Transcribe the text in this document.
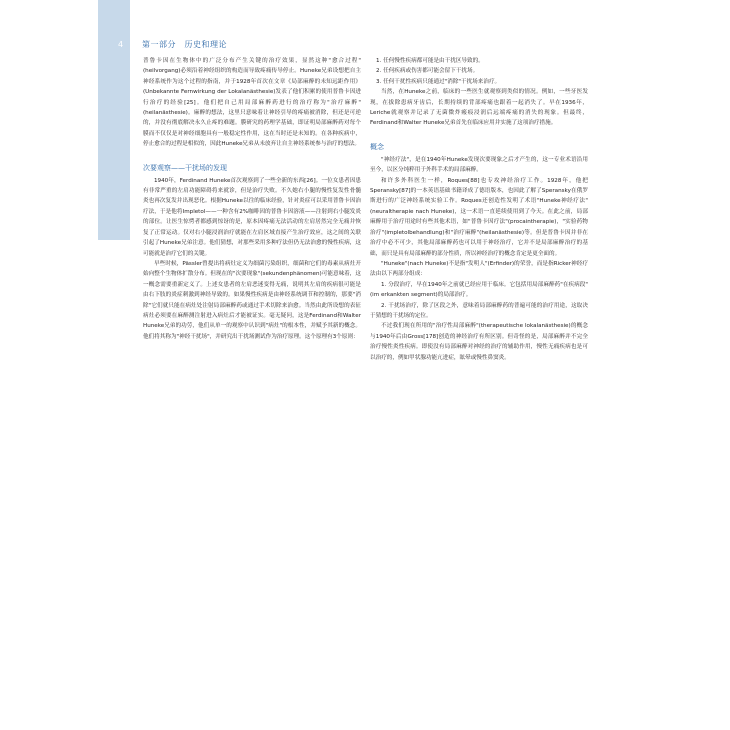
4 第一部分　历史和理论

普鲁卡因在生物体中的广泛分布产生关键的治疗效果，显然这种"愈合过程"(heilvorgang)必须沿着神经组织的构造而导致疼痛传导停止。Huneke兄弟设想把自主神经系统作为这个过程的指南，并于1928年首次在文章《局部麻醉的未知远距作用》(Unbekannte Fernwirkung der Lokalanästhesie)发表了他们积累的使用普鲁卡因进行治疗的经验[25]。他们把自己用局部麻醉药进行的治疗称为"治疗麻醉"(heilanästhesie)。麻醉的想法，这里只意味着让神经引导的疼痛被消除，但还是可逆的，并没有彻底解决永久止疼的难题。膜研究的药理学基础，即证明局部麻醉药对每个膜而不仅仅是对神经细胞具有一般稳定性作用，这在当时还是未知的。在各种疾病中，停止愈合的过程是相似的，因此Huneke兄弟从未放弃让自主神经系统参与治疗的想法。

次要观察——干扰场的发现

1940年，Ferdinand Huneke首次观察到了一些全新的东西[26]。一位女患者因患有非常严重的左肩功能障碍将来就诊，但是治疗失败。不久她右小腿的慢性复发性骨髓炎也再次复发并出现恶化。根据Huneke以往的临床经验，针对炎症可以采用普鲁卡因治疗法，于是他将Impletol——一种含有2%咖啡因的普鲁卡因溶液——注射到右小腿发炎的部位。让医生惊愕者都感到惊讶的是，原本因疼痛无法活动的左肩居然完全无痛并恢复了正常运动。仅对右小腿浸润治疗就能在左肩区域直接产生治疗效应，这之间的关联引起了Huneke兄弟注意。他们猜想，对那些采用多种疗法但仍无法治愈的慢性疾病，这可能就是治疗它们的关键。

早些时候，Pässler曾提出将病灶定义为细菌污染组织，细菌和它们的毒素从病灶开始向整个生物体扩散分布。但现在的"次要现象"(sekundenphänomen)可能意味着，这一概念需要重新定义了。上述女患者的左肩恶迷变得无痛，说明其左肩的疾病很可能是由右下肢的炎症刺激到神经导致的。如果慢性疾病是由神经系统调节和控制的，那要"消除"它们就只能在病灶处注射局部麻醉药或通过手术切除来治愈。当然由此所设想的表征病灶必须要在麻醉测注射进入病灶后才能被证实。毫无疑问，这是Ferdinand和Walter Huneke兄弟的功劳，他们从单一的观察中认识到"病灶"的根本性，并赋予其新的概念。他们将其称为"神经干扰场"，并研究出干扰场测试作为治疗原理。这个原理有3个原则：

1. 任何慢性疾病都可能是由干扰区导致的。
2. 任何疾病或伤害都可能会留下干扰场。
3. 任何干扰性疾病只能通过"消除"干扰场来治疗。

当然，在Huneke之前，临床的一些医生就观察到类似的情况。例如，一些牙医发现，在拔除患病牙齿后，长期持续的背部疼痛也跟着一起消失了。早在1936年，Leriche就观察并记录了无菌微炸瘢痕浸润后远端疼痛的消失的现象。但最终，Ferdinand和Walter Huneke兄弟首先在临床应用并实施了这项治疗措施。

概念

"神经疗法"，是在1940年Huneke发现次要现象之后才产生的，这一专业术语沿用至今，以区分纯粹用于外科手术的局部麻醉。

和许多外科医生一样，Roques[88]也专攻神经治疗工作。1928年，他把Speransky[87]的一本英语基础书籍译成了德语版本，也因此了解了Speransky在俄罗斯进行的广泛神经系统实验工作。Roques还创造性发明了术语"Huneke神经疗法"(neuraltherapie nach Huneke)，这一术语一直延续使用到了今天。在此之前，局部麻醉用于治疗用途时有些其他术语，如"普鲁卡因疗法"(procaintherapie)，"实验药物治疗"(impletolbehandlung)和"治疗麻醉"(heilanästhesie)等。但是普鲁卡因并非在治疗中必不可少，其他局部麻醉药也可以用于神经治疗，它并不是局部麻醉治疗的基础，而只是具有局部麻醉的部分性质，所以神经治疗的概念肯定是更全面的。

"Huneke"(nach Huneke)不是指"发明人"(Erfinder)的荣誉，而是指Ricker神经疗法由以下两部分组成：

1. 分段治疗，早在1940年之前就已经应用于临床。它包括用局部麻醉药"在疾病段"(im erkankten segment)的局部治疗。

2. 干扰场治疗，除了区段之外，意味着局部麻醉药的普遍可能的治疗用途，这取决于猜想的干扰场的定位。

不过我们现在所用的"治疗性局部麻醉"(therapeutische lokalanästhesie)的概念与1940年后由Gross[178]创造的神经治疗有所区别。但奇怪的是，局部麻醉并不完全治疗慢性炎性疾病。即使没有局部麻醉对神经的治疗的辅助作用，慢性无痛疾病也是可以治疗的，例如甲状腺功能亢进症，眩晕或慢性鼻窦炎。
